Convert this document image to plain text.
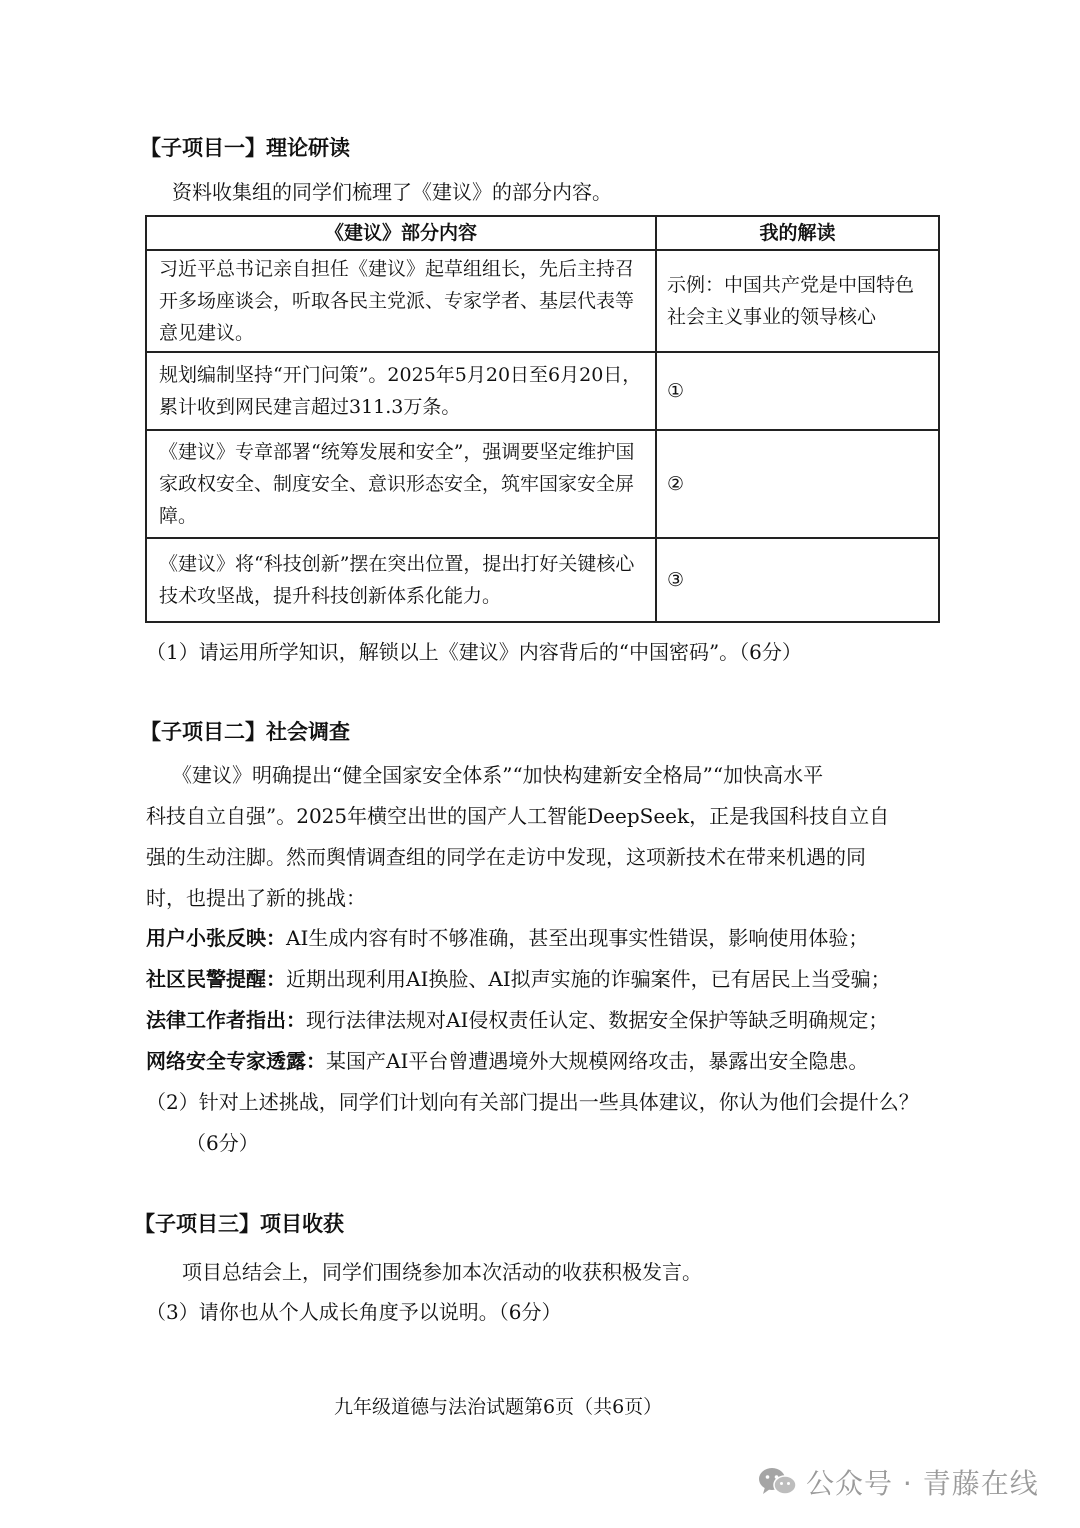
【子项目一】理论研读
资料收集组的同学们梳理了《建议》的部分内容。
《建议》部分内容	我的解读
习近平总书记亲自担任《建议》起草组组长，先后主持召开多场座谈会，听取各民主党派、专家学者、基层代表等意见建议。	示例：中国共产党是中国特色社会主义事业的领导核心
规划编制坚持“开门问策”。2025年5月20日至6月20日，累计收到网民建言超过311.3万条。	①
《建议》专章部署“统筹发展和安全”，强调要坚定维护国家政权安全、制度安全、意识形态安全，筑牢国家安全屏障。	②
《建议》将“科技创新”摆在突出位置，提出打好关键核心技术攻坚战，提升科技创新体系化能力。	③
（1）请运用所学知识，解锁以上《建议》内容背后的“中国密码”。（6分）
【子项目二】社会调查
《建议》明确提出“健全国家安全体系”“加快构建新安全格局”“加快高水平
科技自立自强”。2025年横空出世的国产人工智能DeepSeek，正是我国科技自立自
强的生动注脚。然而舆情调查组的同学在走访中发现，这项新技术在带来机遇的同
时，也提出了新的挑战：
用户小张反映：AI生成内容有时不够准确，甚至出现事实性错误，影响使用体验；
社区民警提醒：近期出现利用AI换脸、AI拟声实施的诈骗案件，已有居民上当受骗；
法律工作者指出：现行法律法规对AI侵权责任认定、数据安全保护等缺乏明确规定；
网络安全专家透露：某国产AI平台曾遭遇境外大规模网络攻击，暴露出安全隐患。
（2）针对上述挑战，同学们计划向有关部门提出一些具体建议，你认为他们会提什么？
（6分）
【子项目三】项目收获
项目总结会上，同学们围绕参加本次活动的收获积极发言。
（3）请你也从个人成长角度予以说明。（6分）
九年级道德与法治试题第6页（共6页）
公众号 · 青藤在线
